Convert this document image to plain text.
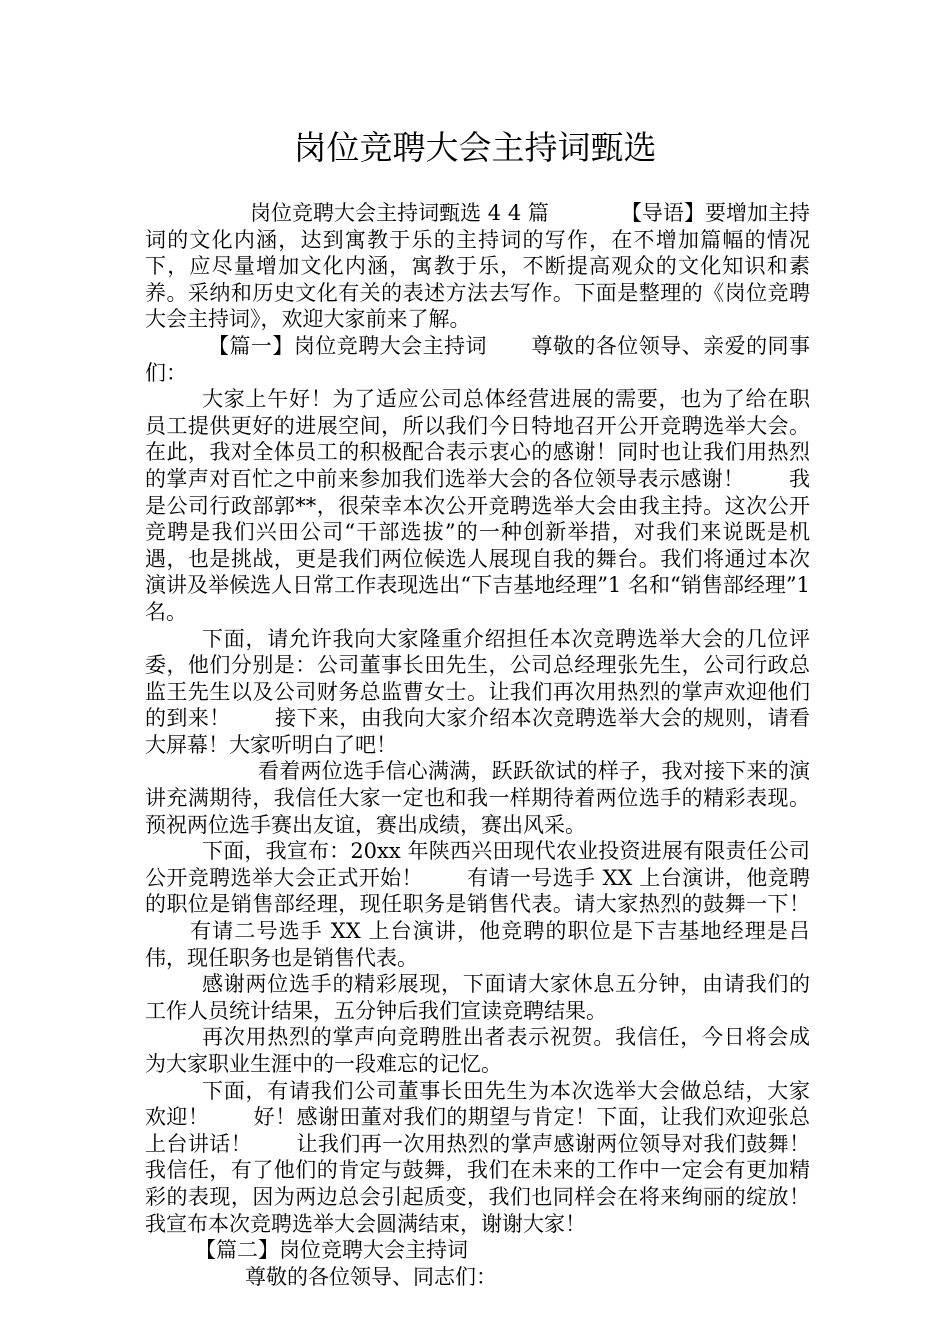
岗位竞聘大会主持词甄选

岗位竞聘大会主持词甄选 4 4 篇	【导语】要增加主持词的文化内涵，达到寓教于乐的主持词的写作，在不增加篇幅的情况下，应尽量增加文化内涵，寓教于乐，不断提高观众的文化知识和素养。采纳和历史文化有关的表述方法去写作。下面是整理的《岗位竞聘大会主持词》，欢迎大家前来了解。

【篇一】岗位竞聘大会主持词 尊敬的各位领导、亲爱的同事们：

大家上午好！为了适应公司总体经营进展的需要，也为了给在职员工提供更好的进展空间，所以我们今日特地召开公开竞聘选举大会。在此，我对全体员工的积极配合表示衷心的感谢！同时也让我们用热烈的掌声对百忙之中前来参加我们选举大会的各位领导表示感谢！ 我是公司行政部郭**，很荣幸本次公开竞聘选举大会由我主持。这次公开竞聘是我们兴田公司“干部选拔”的一种创新举措，对我们来说既是机遇，也是挑战，更是我们两位候选人展现自我的舞台。我们将通过本次演讲及举候选人日常工作表现选出“下吉基地经理”1 名和“销售部经理”1 名。

下面，请允许我向大家隆重介绍担任本次竞聘选举大会的几位评委，他们分别是：公司董事长田先生，公司总经理张先生，公司行政总监王先生以及公司财务总监曹女士。让我们再次用热烈的掌声欢迎他们的到来！ 接下来，由我向大家介绍本次竞聘选举大会的规则，请看大屏幕！大家听明白了吧！

看着两位选手信心满满，跃跃欲试的样子，我对接下来的演讲充满期待，我信任大家一定也和我一样期待着两位选手的精彩表现。预祝两位选手赛出友谊，赛出成绩，赛出风采。

下面，我宣布：20xx 年陕西兴田现代农业投资进展有限责任公司公开竞聘选举大会正式开始！ 有请一号选手 XX 上台演讲，他竞聘的职位是销售部经理，现任职务是销售代表。请大家热烈的鼓舞一下！有请二号选手 XX 上台演讲，他竞聘的职位是下吉基地经理是吕伟，现任职务也是销售代表。

感谢两位选手的精彩展现，下面请大家休息五分钟，由请我们的工作人员统计结果，五分钟后我们宣读竞聘结果。

再次用热烈的掌声向竞聘胜出者表示祝贺。我信任，今日将会成为大家职业生涯中的一段难忘的记忆。

下面，有请我们公司董事长田先生为本次选举大会做总结，大家欢迎！ 好！感谢田董对我们的期望与肯定！下面，让我们欢迎张总上台讲话！ 让我们再一次用热烈的掌声感谢两位领导对我们鼓舞！我信任，有了他们的肯定与鼓舞，我们在未来的工作中一定会有更加精彩的表现，因为两边总会引起质变，我们也同样会在将来绚丽的绽放！我宣布本次竞聘选举大会圆满结束，谢谢大家！

【篇二】岗位竞聘大会主持词

尊敬的各位领导、同志们：
